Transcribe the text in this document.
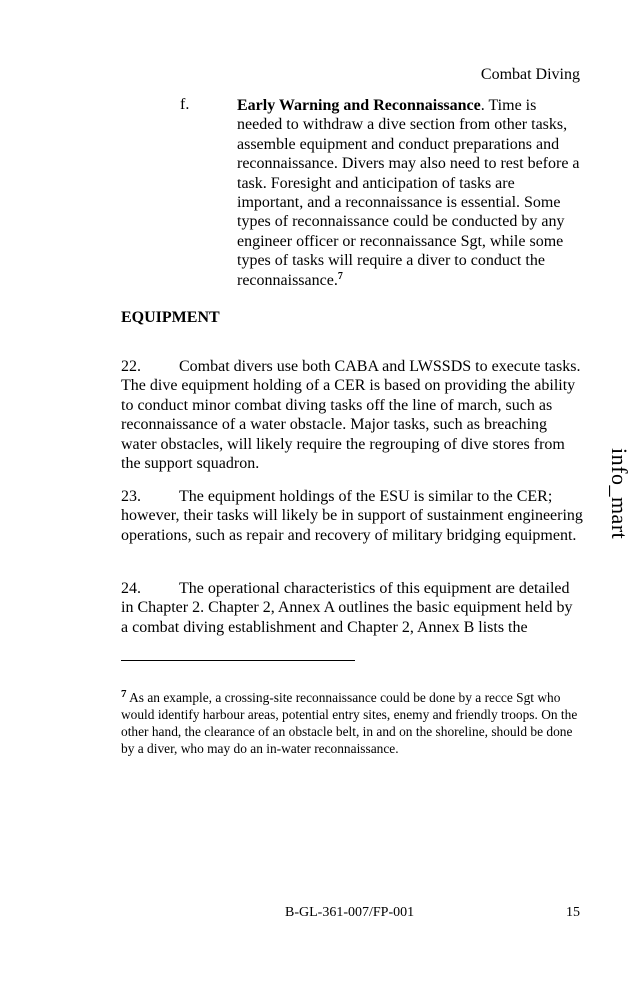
Combat Diving
f.	Early Warning and Reconnaissance. Time is needed to withdraw a dive section from other tasks, assemble equipment and conduct preparations and reconnaissance. Divers may also need to rest before a task. Foresight and anticipation of tasks are important, and a reconnaissance is essential. Some types of reconnaissance could be conducted by any engineer officer or reconnaissance Sgt, while some types of tasks will require a diver to conduct the reconnaissance.$^7$
EQUIPMENT
22. Combat divers use both CABA and LWSSDS to execute tasks. The dive equipment holding of a CER is based on providing the ability to conduct minor combat diving tasks off the line of march, such as reconnaissance of a water obstacle. Major tasks, such as breaching water obstacles, will likely require the regrouping of dive stores from the support squadron.
23. The equipment holdings of the ESU is similar to the CER; however, their tasks will likely be in support of sustainment engineering operations, such as repair and recovery of military bridging equipment.
24. The operational characteristics of this equipment are detailed in Chapter 2. Chapter 2, Annex A outlines the basic equipment held by a combat diving establishment and Chapter 2, Annex B lists the
$^7$ As an example, a crossing-site reconnaissance could be done by a recce Sgt who would identify harbour areas, potential entry sites, enemy and friendly troops. On the other hand, the clearance of an obstacle belt, in and on the shoreline, should be done by a diver, who may do an in-water reconnaissance.
info_mart
B-GL-361-007/FP-001	15
